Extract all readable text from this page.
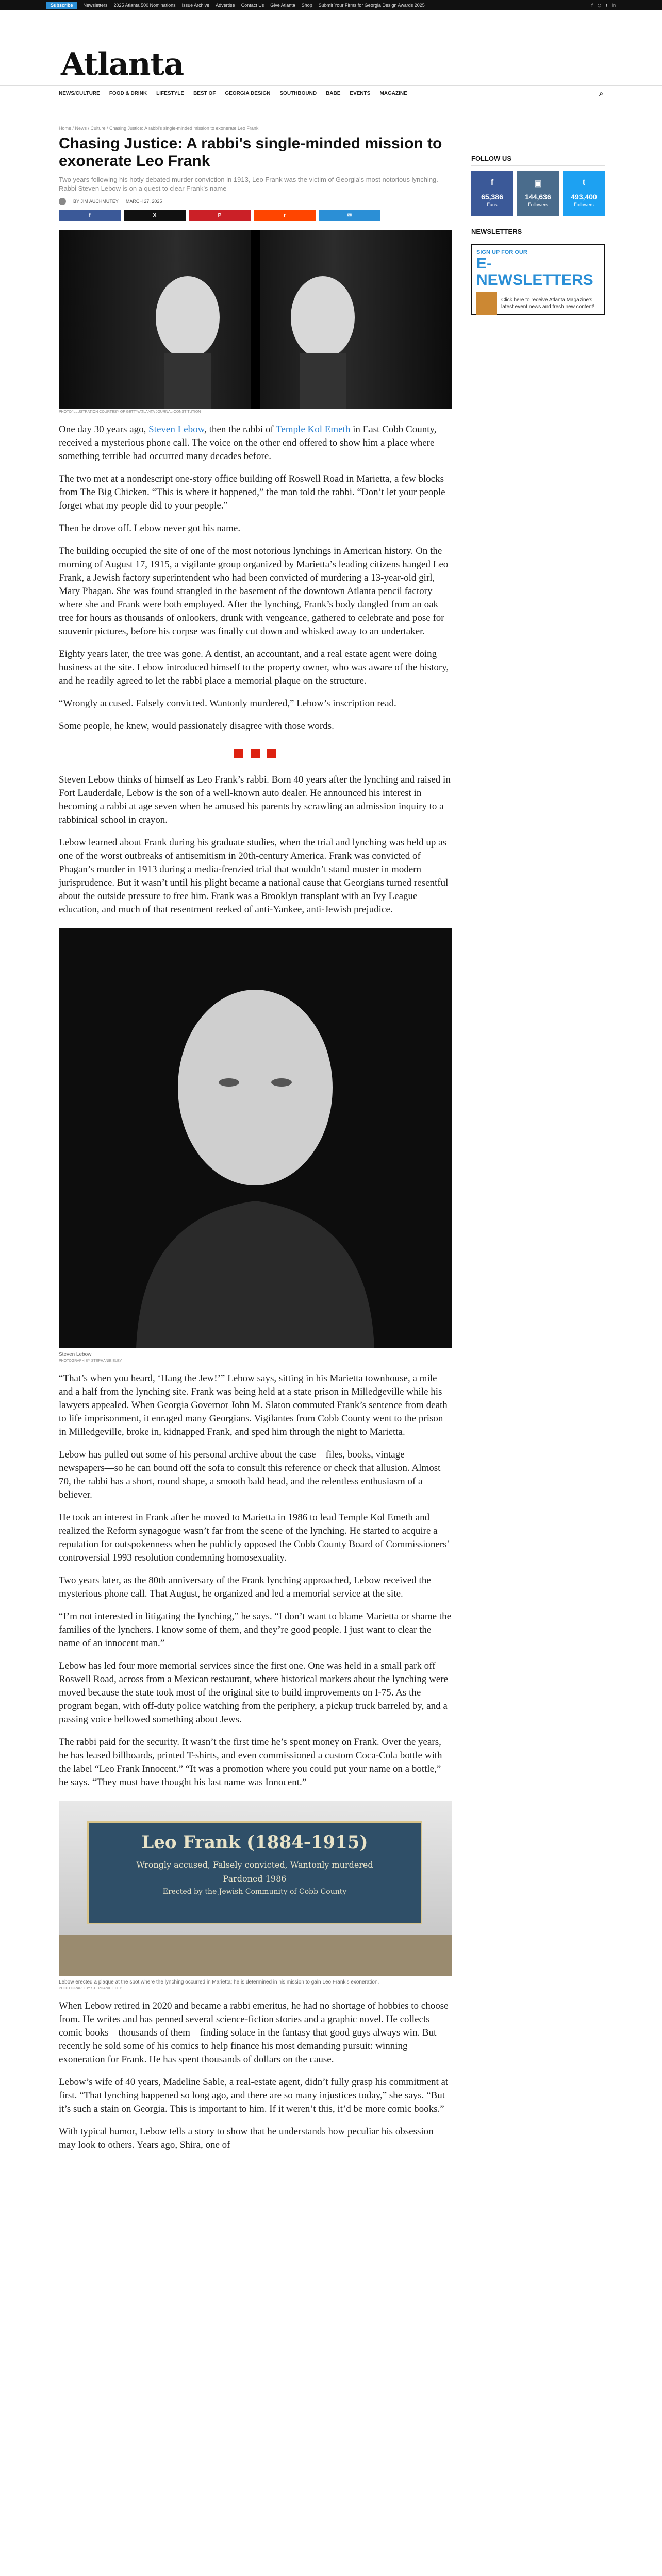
Subscribe	Newsletters 2025 Atlanta 500 Nominations Issue Archive Advertise Contact Us Give Atlanta Shop Submit Your Firms for Georgia Design Awards 2025	f ◎ t in
Atlanta
NEWS/CULTURE FOOD & DRINK LIFESTYLE BEST OF GEORGIA DESIGN SOUTHBOUND BABE EVENTS MAGAZINE	⌕
Home / News / Culture / Chasing Justice: A rabbi's single-minded mission to exonerate Leo Frank
Chasing Justice: A rabbi's single-minded mission to exonerate Leo Frank
Two years following his hotly debated murder conviction in 1913, Leo Frank was the victim of Georgia's most notorious lynching. Rabbi Steven Lebow is on a quest to clear Frank's name
BY JIM AUCHMUTEY MARCH 27, 2025
f	X	P	r	✉
PHOTO/ILLUSTRATION COURTESY OF GETTY/ATLANTA JOURNAL-CONSTITUTION

One day 30 years ago, Steven Lebow, then the rabbi of Temple Kol Emeth in East Cobb County, received a mysterious phone call. The voice on the other end offered to show him a place where something terrible had occurred many decades before.

The two met at a nondescript one-story office building off Roswell Road in Marietta, a few blocks from The Big Chicken. “This is where it happened,” the man told the rabbi. “Don’t let your people forget what my people did to your people.”

Then he drove off. Lebow never got his name.

The building occupied the site of one of the most notorious lynchings in American history. On the morning of August 17, 1915, a vigilante group organized by Marietta’s leading citizens hanged Leo Frank, a Jewish factory superintendent who had been convicted of murdering a 13-year-old girl, Mary Phagan. She was found strangled in the basement of the downtown Atlanta pencil factory where she and Frank were both employed. After the lynching, Frank’s body dangled from an oak tree for hours as thousands of onlookers, drunk with vengeance, gathered to celebrate and pose for souvenir pictures, before his corpse was finally cut down and whisked away to an undertaker.

Eighty years later, the tree was gone. A dentist, an accountant, and a real estate agent were doing business at the site. Lebow introduced himself to the property owner, who was aware of the history, and he readily agreed to let the rabbi place a memorial plaque on the structure.

“Wrongly accused. Falsely convicted. Wantonly murdered,” Lebow’s inscription read.

Some people, he knew, would passionately disagree with those words.

Steven Lebow thinks of himself as Leo Frank’s rabbi. Born 40 years after the lynching and raised in Fort Lauderdale, Lebow is the son of a well-known auto dealer. He announced his interest in becoming a rabbi at age seven when he amused his parents by scrawling an admission inquiry to a rabbinical school in crayon.

Lebow learned about Frank during his graduate studies, when the trial and lynching was held up as one of the worst outbreaks of antisemitism in 20th-century America. Frank was convicted of Phagan’s murder in 1913 during a media-frenzied trial that wouldn’t stand muster in modern jurisprudence. But it wasn’t until his plight became a national cause that Georgians turned resentful about the outside pressure to free him. Frank was a Brooklyn transplant with an Ivy League education, and much of that resentment reeked of anti-Yankee, anti-Jewish prejudice.

Steven Lebow
PHOTOGRAPH BY STEPHANIE ELEY

“That’s when you heard, ‘Hang the Jew!’” Lebow says, sitting in his Marietta townhouse, a mile and a half from the lynching site. Frank was being held at a state prison in Milledgeville while his lawyers appealed. When Georgia Governor John M. Slaton commuted Frank’s sentence from death to life imprisonment, it enraged many Georgians. Vigilantes from Cobb County went to the prison in Milledgeville, broke in, kidnapped Frank, and sped him through the night to Marietta.

Lebow has pulled out some of his personal archive about the case—files, books, vintage newspapers—so he can bound off the sofa to consult this reference or check that allusion. Almost 70, the rabbi has a short, round shape, a smooth bald head, and the relentless enthusiasm of a believer.

He took an interest in Frank after he moved to Marietta in 1986 to lead Temple Kol Emeth and realized the Reform synagogue wasn’t far from the scene of the lynching. He started to acquire a reputation for outspokenness when he publicly opposed the Cobb County Board of Commissioners’ controversial 1993 resolution condemning homosexuality.

Two years later, as the 80th anniversary of the Frank lynching approached, Lebow received the mysterious phone call. That August, he organized and led a memorial service at the site.

“I’m not interested in litigating the lynching,” he says. “I don’t want to blame Marietta or shame the families of the lynchers. I know some of them, and they’re good people. I just want to clear the name of an innocent man.”

Lebow has led four more memorial services since the first one. One was held in a small park off Roswell Road, across from a Mexican restaurant, where historical markers about the lynching were moved because the state took most of the original site to build improvements on I-75. As the program began, with off-duty police watching from the periphery, a pickup truck barreled by, and a passing voice bellowed something about Jews.

The rabbi paid for the security. It wasn’t the first time he’s spent money on Frank. Over the years, he has leased billboards, printed T-shirts, and even commissioned a custom Coca-Cola bottle with the label “Leo Frank Innocent.” “It was a promotion where you could put your name on a bottle,” he says. “They must have thought his last name was Innocent.”

Leo Frank (1884-1915)
Wrongly accused, Falsely convicted, Wantonly murdered
Pardoned 1986
Erected by the Jewish Community of Cobb County
Lebow erected a plaque at the spot where the lynching occurred in Marietta; he is determined in his mission to gain Leo Frank’s exoneration.
PHOTOGRAPH BY STEPHANIE ELEY

When Lebow retired in 2020 and became a rabbi emeritus, he had no shortage of hobbies to choose from. He writes and has penned several science-fiction stories and a graphic novel. He collects comic books—thousands of them—finding solace in the fantasy that good guys always win. But recently he sold some of his comics to help finance his most demanding pursuit: winning exoneration for Frank. He has spent thousands of dollars on the cause.

Lebow’s wife of 40 years, Madeline Sable, a real-estate agent, didn’t fully grasp his commitment at first. “That lynching happened so long ago, and there are so many injustices today,” she says. “But it’s such a stain on Georgia. This is important to him. If it weren’t this, it’d be more comic books.”

With typical humor, Lebow tells a story to show that he understands how peculiar his obsession may look to others. Years ago, Shira, one of

FOLLOW US
f
65,386
Fans
▣
144,636
Followers
t
493,400
Followers
NEWSLETTERS
SIGN UP FOR OUR
E-NEWSLETTERS
Click here to receive Atlanta Magazine's latest event news and fresh new content!
